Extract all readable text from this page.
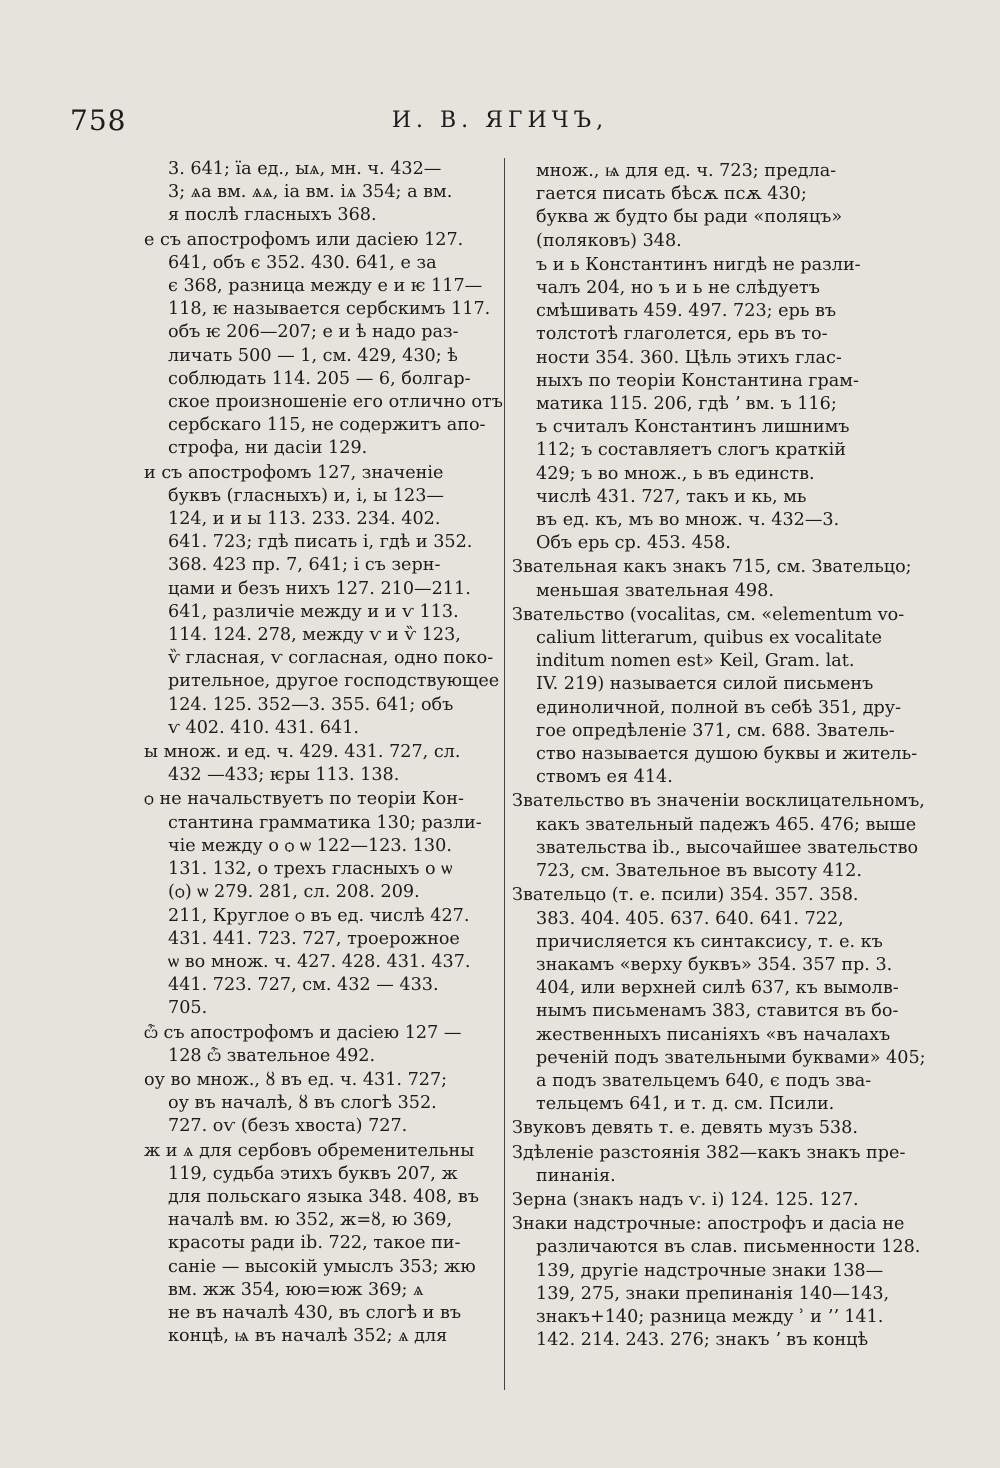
758	И. В. ЯГИЧЪ,
3. 641; їа ед., ыѧ, мн. ч. 432—
3; ѧа вм. ѧѧ, іа вм. іѧ 354; а вм.
я послѣ гласныхъ 368.
е съ апострофомъ или дасіею 127.
641, объ є 352. 430. 641, е за
є 368, разница между е и ѥ 117—
118, ѥ называется сербскимъ 117.
объ ѥ 206—207; е и ѣ надо раз-
личать 500 — 1, см. 429, 430; ѣ
соблюдать 114. 205 — 6, болгар-
ское произношеніе его отлично отъ
сербскаго 115, не содержитъ апо-
строфа, ни дасіи 129.
и съ апострофомъ 127, значеніе
буквъ (гласныхъ) и, і, ы 123—
124, и и ы 113. 233. 234. 402.
641. 723; гдѣ писать і, гдѣ и 352.
368. 423 пр. 7, 641; і съ зерн-
цами и безъ нихъ 127. 210—211.
641, различіе между и и ѵ 113.
114. 124. 278, между ѵ и ѷ 123,
ѷ гласная, ѵ согласная, одно покo-
рительное, другое господствующее
124. 125. 352—3. 355. 641; объ
ѵ 402. 410. 431. 641.
ы множ. и ед. ч. 429. 431. 727, сл.
432 —433; ѥры 113. 138.
ѻ не начальствуетъ по теоріи Кон-
стантина грамматика 130; разли-
чіе между о ѻ ѡ 122—123. 130.
131. 132, о трехъ гласныхъ о ѡ
(ѻ) ѡ 279. 281, сл. 208. 209.
211, Круглое ѻ въ ед. числѣ 427.
431. 441. 723. 727, троерожное
ѡ во множ. ч. 427. 428. 431. 437.
441. 723. 727, см. 432 — 433.
705.
ѽ съ апострофомъ и дасіею 127 —
128 ѽ звательное 492.
оу во множ., ȣ въ ед. ч. 431. 727;
оу въ началѣ, ȣ въ слогѣ 352.
727. оѵ (безъ хвоста) 727.
ж и ѧ для сербовъ обременительны
119, судьба этихъ буквъ 207, ж
для польскаго языка 348. 408, въ
началѣ вм. ю 352, ж=ȣ, ю 369,
красоты ради ib. 722, такое пи-
саніе — высокій умыслъ 353; жю
вм. жж 354, юю=юж 369; ѧ
не въ началѣ 430, въ слогѣ и въ
концѣ, ѩ въ началѣ 352; ѧ для
множ., ѩ для ед. ч. 723; предла-
гается писать бѣсѫ псѫ 430;
буква ж будто бы ради «поляцъ»
(поляковъ) 348.
ъ и ь Константинъ нигдѣ не разли-
чалъ 204, но ъ и ь не слѣдуетъ
смѣшивать 459. 497. 723; ерь въ
толстотѣ глаголется, ерь въ то-
ности 354. 360. Цѣль этихъ глас-
ныхъ по теоріи Константина грам-
матика 115. 206, гдѣ ʼ вм. ъ 116;
ъ считалъ Константинъ лишнимъ
112; ъ составляетъ слогъ краткій
429; ъ во множ., ь въ единств.
числѣ 431. 727, такъ и кь, мь
въ ед. къ, мъ во множ. ч. 432—3.
Объ ерь ср. 453. 458.
Звательная какъ знакъ 715, см. Звательцо;
меньшая звательная 498.
Звательство (vocalitas, см. «elementum vo-
calium litterarum, quibus ex vocalitate
inditum nomen est» Keil, Gram. lat.
IV. 219) называется силой письменъ
единоличной, полной въ себѣ 351, дру-
гое опредѣленіе 371, см. 688. Зватель-
ство называется душою буквы и житель-
ствомъ ея 414.
Звательство въ значеніи восклицательномъ,
какъ звательный падежъ 465. 476; выше
звательства ib., высочайшее звательство
723, см. Звательное въ высоту 412.
Звательцо (т. е. псили) 354. 357. 358.
383. 404. 405. 637. 640. 641. 722,
причисляется къ синтаксису, т. е. къ
знакамъ «верху буквъ» 354. 357 пр. 3.
404, или верхней силѣ 637, къ вымолв-
нымъ письменамъ 383, ставится въ бо-
жественныхъ писаніяхъ «въ началахъ
реченій подъ звательными буквами» 405;
а подъ звательцемъ 640, є подъ зва-
тельцемъ 641, и т. д. см. Псили.
Звуковъ девять т. е. девять музъ 538.
Здѣленіе разстоянія 382—какъ знакъ пре-
пинанія.
Зерна (знакъ надъ ѵ. і) 124. 125. 127.
Знаки надстрочные: апострофъ и дасіа не
различаются въ слав. письменности 128.
139, другіе надстрочные знаки 138—
139, 275, знаки препинанія 140—143,
знакъ+140; разница между ʾ и ʼʼ 141.
142. 214. 243. 276; знакъ ʼ въ концѣ
